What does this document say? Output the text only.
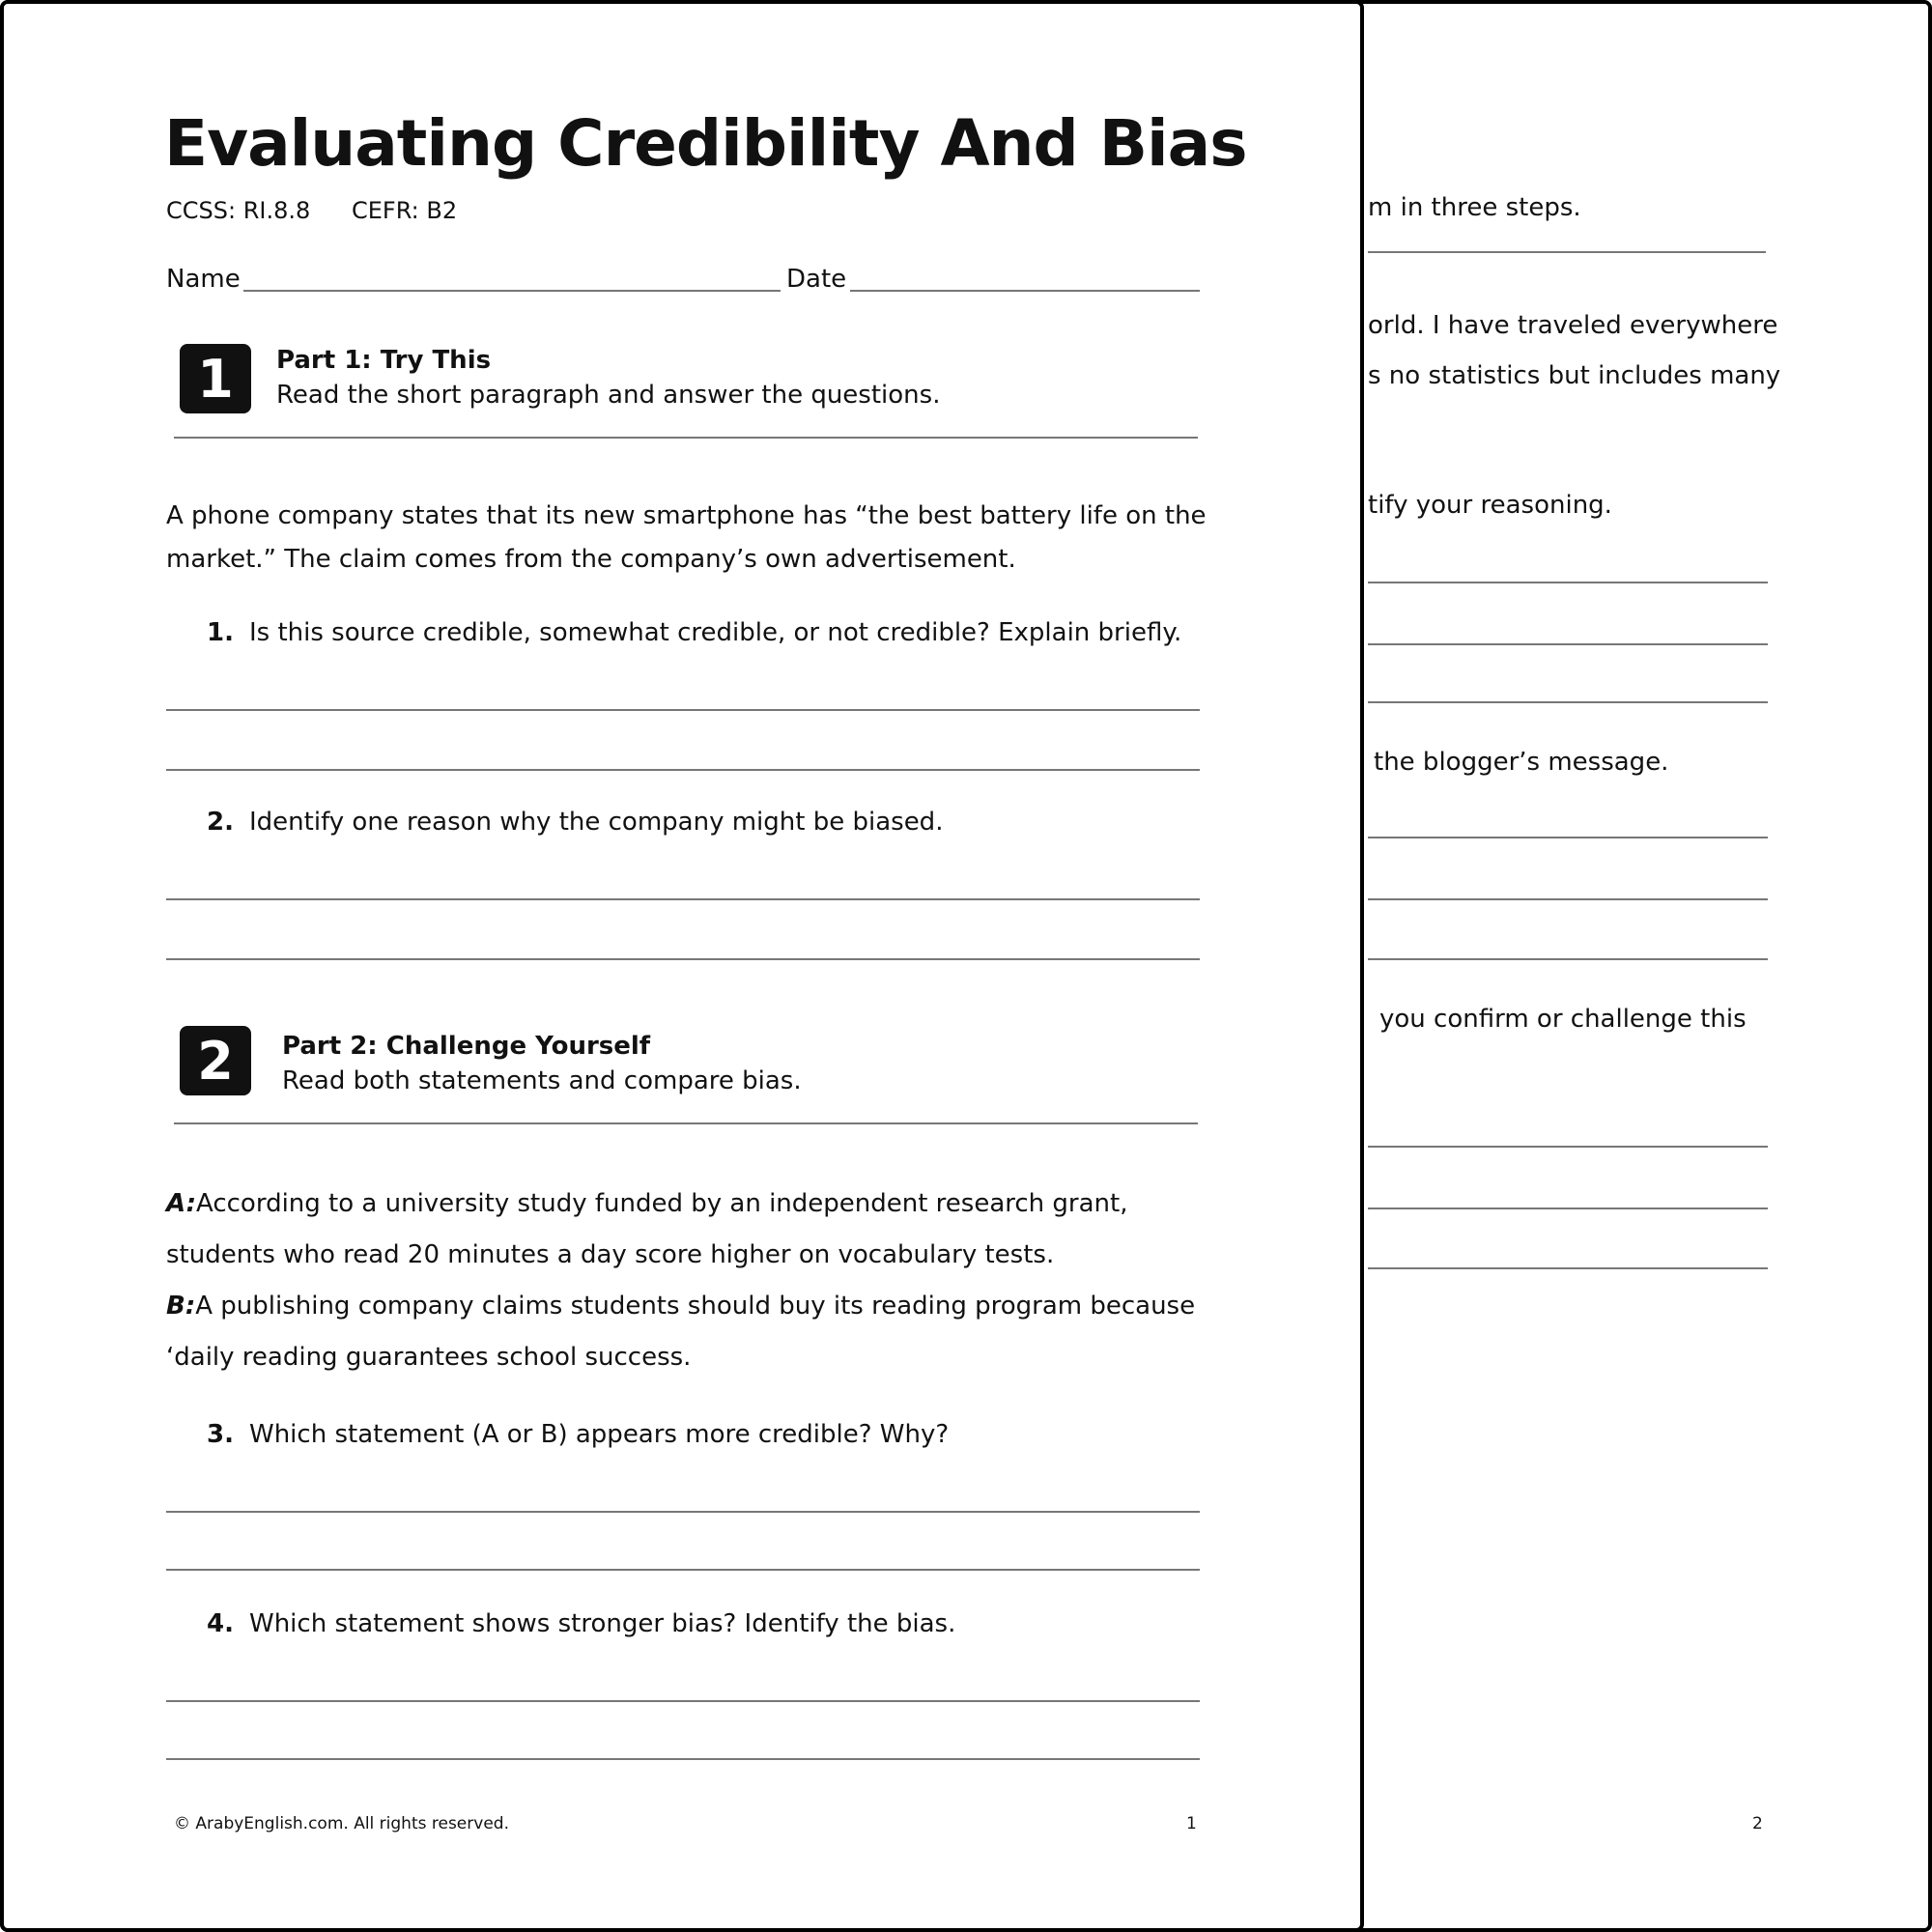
m in three steps.
orld. I have traveled everywhere
s no statistics but includes many
tify your reasoning.
the blogger’s message.
you confirm or challenge this
2
Evaluating Credibility And Bias
CCSS: RI.8.8 CEFR: B2
Name	Date
1	Part 1: Try This
Read the short paragraph and answer the questions.
A phone company states that its new smartphone has “the best battery life on the market.” The claim comes from the company’s own advertisement.
1. Is this source credible, somewhat credible, or not credible? Explain briefly.
2. Identify one reason why the company might be biased.
2	Part 2: Challenge Yourself
Read both statements and compare bias.
A:According to a university study funded by an independent research grant, students who read 20 minutes a day score higher on vocabulary tests.
B:A publishing company claims students should buy its reading program because ‘daily reading guarantees school success.
3. Which statement (A or B) appears more credible? Why?
4. Which statement shows stronger bias? Identify the bias.
© ArabyEnglish.com. All rights reserved.	1
